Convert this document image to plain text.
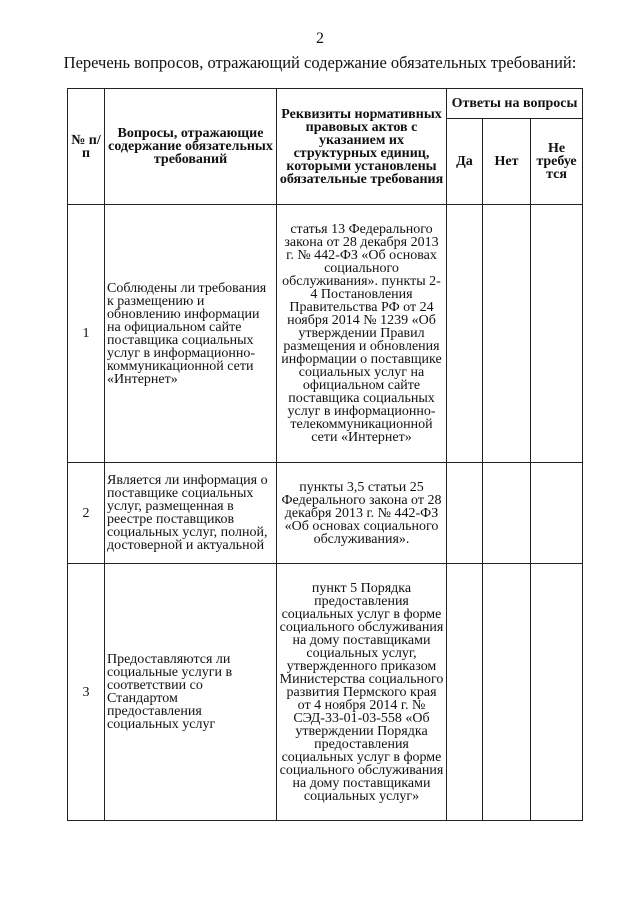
2
Перечень вопросов, отражающий содержание обязательных требований:
№ п/ п	Вопросы, отражающие содержание обязательных требований	Реквизиты нормативных правовых актов с указанием их структурных единиц, которыми установлены обязательные требования	Ответы на вопросы		
			Да	Нет	Не требуе тся
1	Соблюдены ли требования к размещению и обновлению информации на официальном сайте поставщика социальных услуг в информационно-коммуникационной сети «Интернет»	статья 13 Федерального закона от 28 декабря 2013 г. № 442-ФЗ «Об основах социального обслуживания». пункты 2-4 Постановления Правительства РФ от 24 ноября 2014 № 1239 «Об утверждении Правил размещения и обновления информации о поставщике социальных услуг на официальном сайте поставщика социальных услуг в информационно-телекоммуникационной сети «Интернет»			
2	Является ли информация о поставщике социальных услуг, размещенная в реестре поставщиков социальных услуг, полной, достоверной и актуальной	пункты 3,5 статьи 25 Федерального закона от 28 декабря 2013 г. № 442-ФЗ «Об основах социального обслуживания».			
3	Предоставляются ли социальные услуги в соответствии со Стандартом предоставления социальных услуг	пункт 5 Порядка предоставления социальных услуг в форме социального обслуживания на дому поставщиками социальных услуг, утвержденного приказом Министерства социального развития Пермского края от 4 ноября 2014 г. № СЭД-33-01-03-558 «Об утверждении Порядка предоставления социальных услуг в форме социального обслуживания на дому поставщиками социальных услуг»			
